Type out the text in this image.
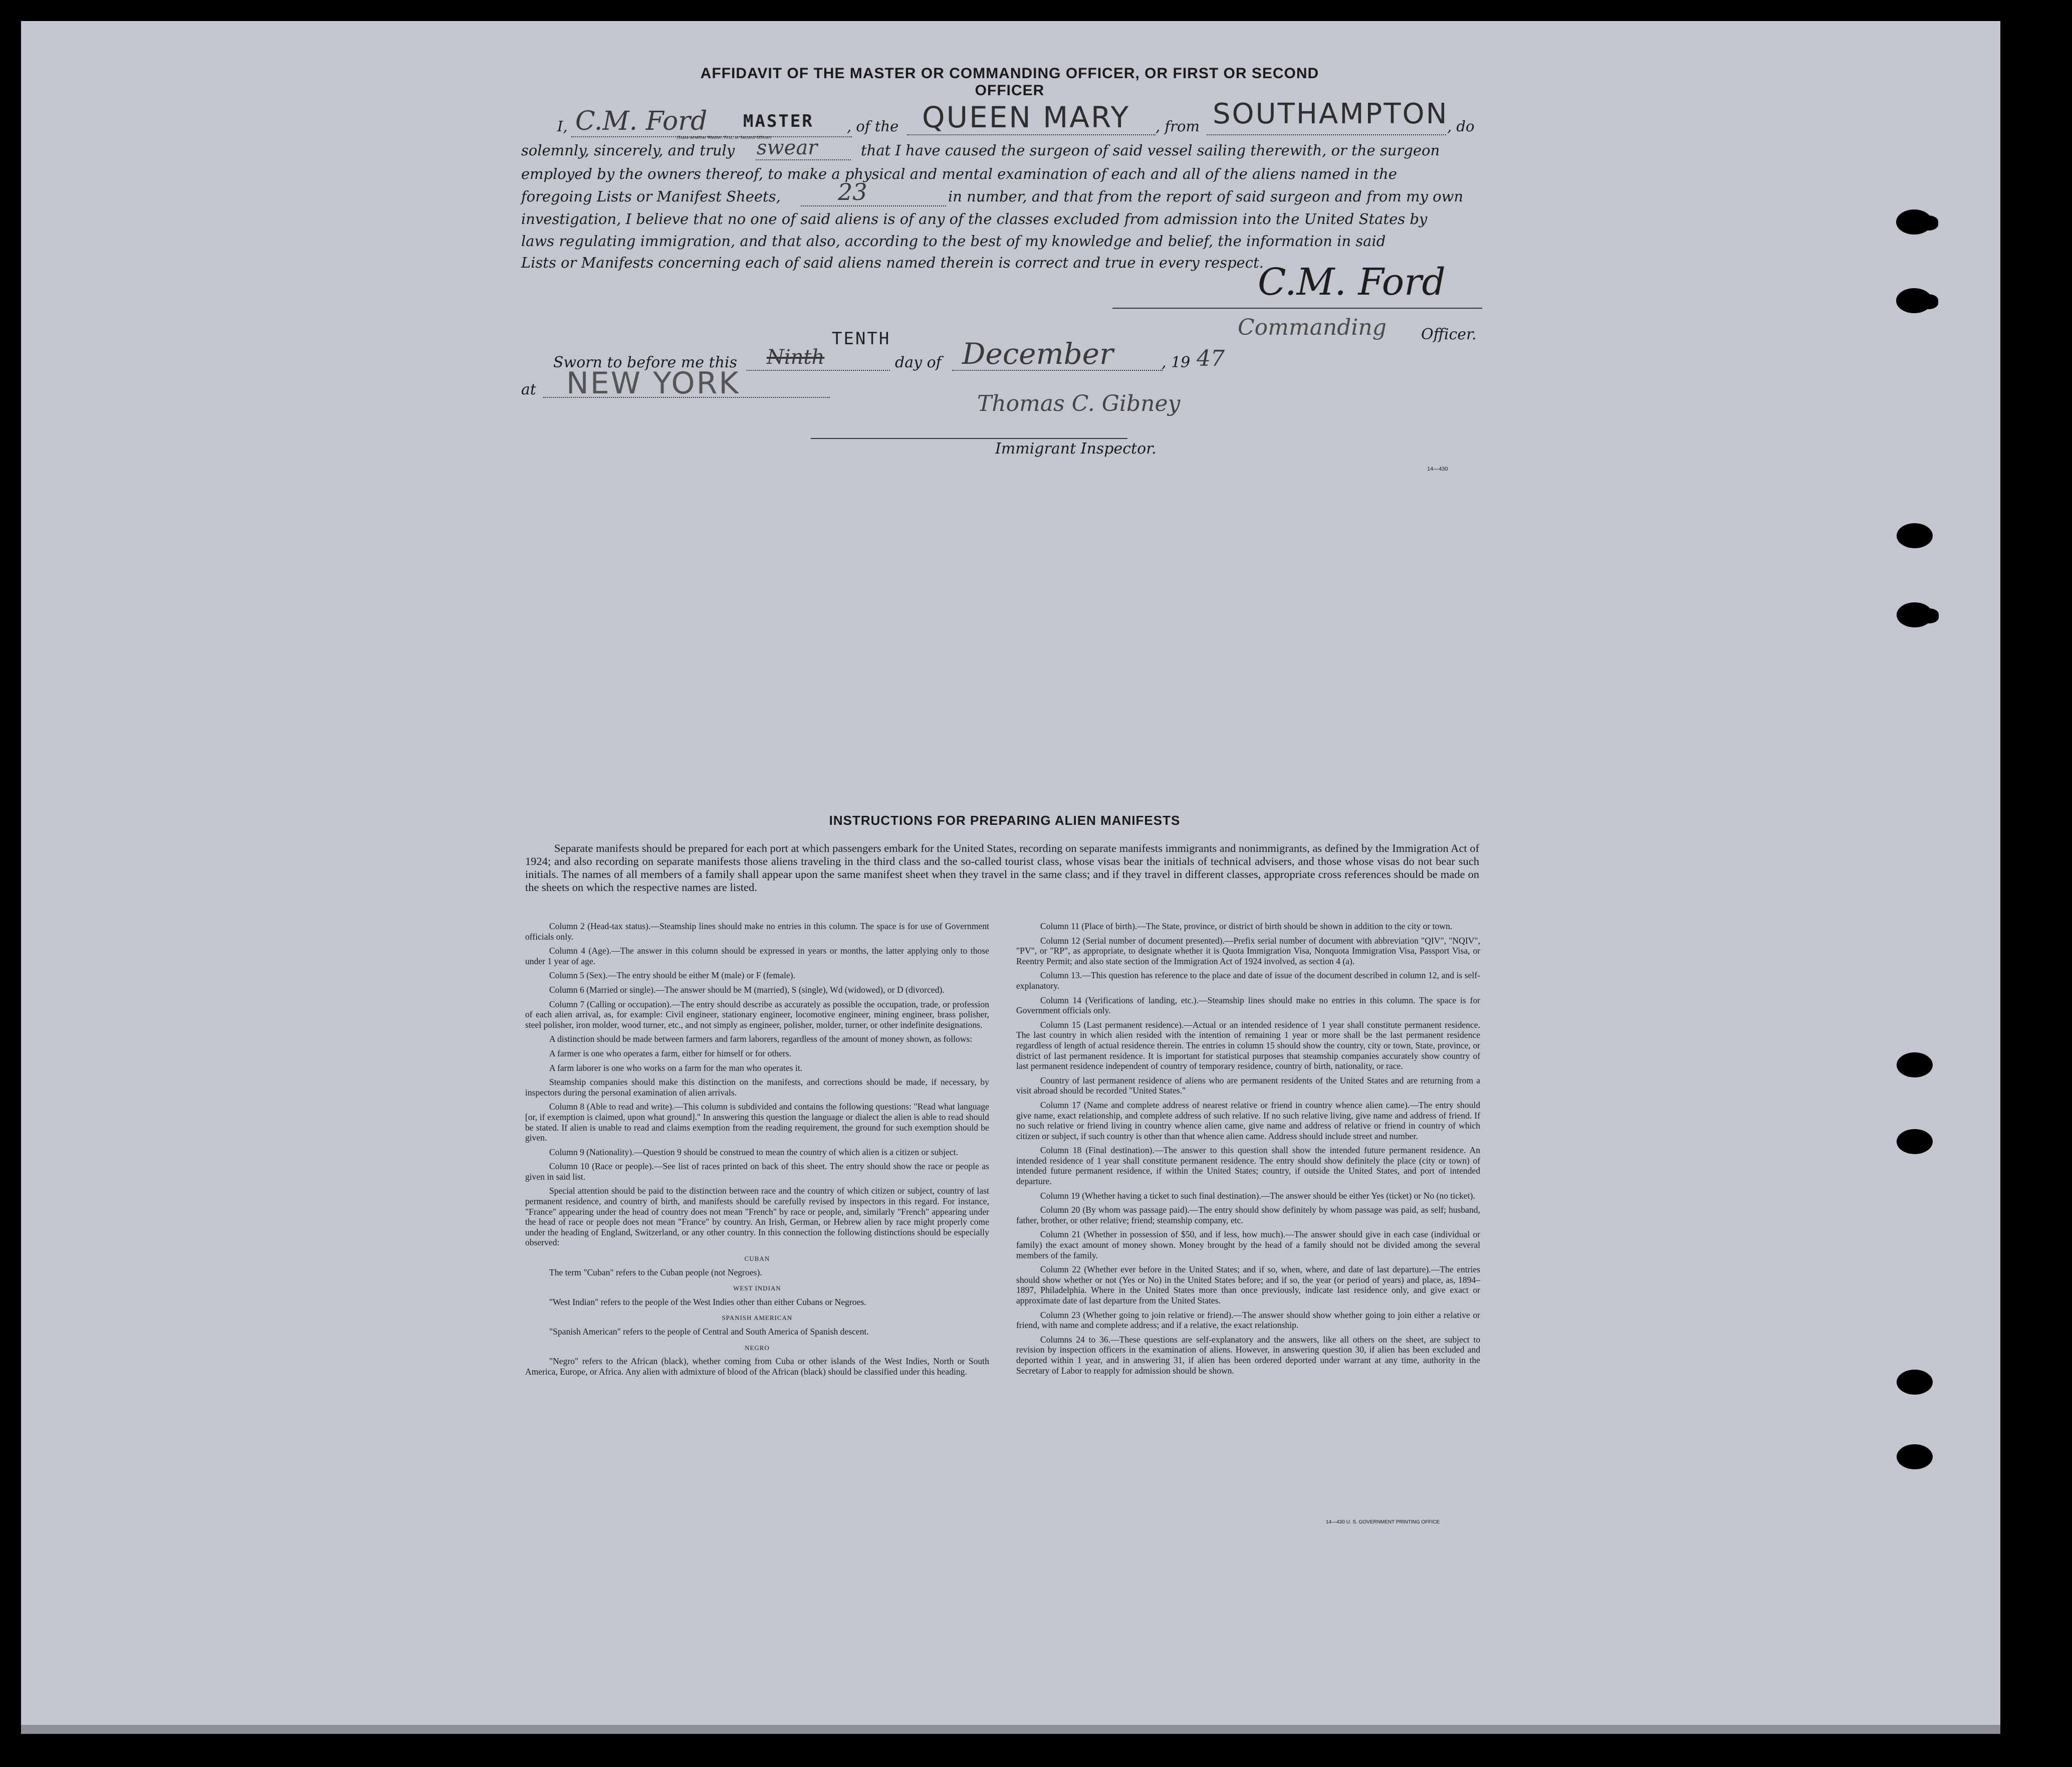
AFFIDAVIT OF THE MASTER OR COMMANDING OFFICER, OR FIRST OR SECOND OFFICER
I, C.M. Ford MASTER
(State whether Master, First, or Second Officer)
, of the QUEEN MARY , from SOUTHAMPTON
, do
solemnly, sincerely, and truly swear	that I have caused the surgeon of said vessel sailing therewith, or the surgeon
employed by the owners thereof, to make a physical and mental examination of each and all of the aliens named in the
foregoing Lists or Manifest Sheets, 23	in number, and that from the report of said surgeon and from my own
investigation, I believe that no one of said aliens is of any of the classes excluded from admission into the United States by
laws regulating immigration, and that also, according to the best of my knowledge and belief, the information in said
Lists or Manifests concerning each of said aliens named therein is correct and true in every respect.
C.M. Ford
Commanding Officer.
Sworn to before me this Ninth
TENTH
day of December	, 19 47
at NEW YORK
Thomas C. Gibney
Immigrant Inspector.
14—430
INSTRUCTIONS FOR PREPARING ALIEN MANIFESTS
Separate manifests should be prepared for each port at which passengers embark for the United States, recording on separate manifests immigrants and nonimmigrants, as defined by the Immigration Act of 1924; and also recording on separate manifests those aliens traveling in the third class and the so-called tourist class, whose visas bear the initials of technical advisers, and those whose visas do not bear such initials. The names of all members of a family shall appear upon the same manifest sheet when they travel in the same class; and if they travel in different classes, appropriate cross references should be made on the sheets on which the respective names are listed.

Column 2 (Head-tax status).—Steamship lines should make no entries in this column. The space is for use of Government officials only.

Column 4 (Age).—The answer in this column should be expressed in years or months, the latter applying only to those under 1 year of age.

Column 5 (Sex).—The entry should be either M (male) or F (female).

Column 6 (Married or single).—The answer should be M (married), S (single), Wd (widowed), or D (divorced).

Column 7 (Calling or occupation).—The entry should describe as accurately as possible the occupation, trade, or profession of each alien arrival, as, for example: Civil engineer, stationary engineer, locomotive engineer, mining engineer, brass polisher, steel polisher, iron molder, wood turner, etc., and not simply as engineer, polisher, molder, turner, or other indefinite designations.

A distinction should be made between farmers and farm laborers, regardless of the amount of money shown, as follows:

A farmer is one who operates a farm, either for himself or for others.

A farm laborer is one who works on a farm for the man who operates it.

Steamship companies should make this distinction on the manifests, and corrections should be made, if necessary, by inspectors during the personal examination of alien arrivals.

Column 8 (Able to read and write).—This column is subdivided and contains the following questions: "Read what language [or, if exemption is claimed, upon what ground]." In answering this question the language or dialect the alien is able to read should be stated. If alien is unable to read and claims exemption from the reading requirement, the ground for such exemption should be given.

Column 9 (Nationality).—Question 9 should be construed to mean the country of which alien is a citizen or subject.

Column 10 (Race or people).—See list of races printed on back of this sheet. The entry should show the race or people as given in said list.

Special attention should be paid to the distinction between race and the country of which citizen or subject, country of last permanent residence, and country of birth, and manifests should be carefully revised by inspectors in this regard. For instance, "France" appearing under the head of country does not mean "French" by race or people, and, similarly "French" appearing under the head of race or people does not mean "France" by country. An Irish, German, or Hebrew alien by race might properly come under the heading of England, Switzerland, or any other country. In this connection the following distinctions should be especially observed:

CUBAN

The term "Cuban" refers to the Cuban people (not Negroes).

WEST INDIAN

"West Indian" refers to the people of the West Indies other than either Cubans or Negroes.

SPANISH AMERICAN

"Spanish American" refers to the people of Central and South America of Spanish descent.

NEGRO

"Negro" refers to the African (black), whether coming from Cuba or other islands of the West Indies, North or South America, Europe, or Africa. Any alien with admixture of blood of the African (black) should be classified under this heading.

Column 11 (Place of birth).—The State, province, or district of birth should be shown in addition to the city or town.

Column 12 (Serial number of document presented).—Prefix serial number of document with abbreviation "QIV", "NQIV", "PV", or "RP", as appropriate, to designate whether it is Quota Immigration Visa, Nonquota Immigration Visa, Passport Visa, or Reentry Permit; and also state section of the Immigration Act of 1924 involved, as section 4 (a).

Column 13.—This question has reference to the place and date of issue of the document described in column 12, and is self-explanatory.

Column 14 (Verifications of landing, etc.).—Steamship lines should make no entries in this column. The space is for Government officials only.

Column 15 (Last permanent residence).—Actual or an intended residence of 1 year shall constitute permanent residence. The last country in which alien resided with the intention of remaining 1 year or more shall be the last permanent residence regardless of length of actual residence therein. The entries in column 15 should show the country, city or town, State, province, or district of last permanent residence. It is important for statistical purposes that steamship companies accurately show country of last permanent residence independent of country of temporary residence, country of birth, nationality, or race.

Country of last permanent residence of aliens who are permanent residents of the United States and are returning from a visit abroad should be recorded "United States."

Column 17 (Name and complete address of nearest relative or friend in country whence alien came).—The entry should give name, exact relationship, and complete address of such relative. If no such relative living, give name and address of friend. If no such relative or friend living in country whence alien came, give name and address of relative or friend in country of which citizen or subject, if such country is other than that whence alien came. Address should include street and number.

Column 18 (Final destination).—The answer to this question shall show the intended future permanent residence. An intended residence of 1 year shall constitute permanent residence. The entry should show definitely the place (city or town) of intended future permanent residence, if within the United States; country, if outside the United States, and port of intended departure.

Column 19 (Whether having a ticket to such final destination).—The answer should be either Yes (ticket) or No (no ticket).

Column 20 (By whom was passage paid).—The entry should show definitely by whom passage was paid, as self; husband, father, brother, or other relative; friend; steamship company, etc.

Column 21 (Whether in possession of $50, and if less, how much).—The answer should give in each case (individual or family) the exact amount of money shown. Money brought by the head of a family should not be divided among the several members of the family.

Column 22 (Whether ever before in the United States; and if so, when, where, and date of last departure).—The entries should show whether or not (Yes or No) in the United States before; and if so, the year (or period of years) and place, as, 1894–1897, Philadelphia. Where in the United States more than once previously, indicate last residence only, and give exact or approximate date of last departure from the United States.

Column 23 (Whether going to join relative or friend).—The answer should show whether going to join either a relative or friend, with name and complete address; and if a relative, the exact relationship.

Columns 24 to 36.—These questions are self-explanatory and the answers, like all others on the sheet, are subject to revision by inspection officers in the examination of aliens. However, in answering question 30, if alien has been excluded and deported within 1 year, and in answering 31, if alien has been ordered deported under warrant at any time, authority in the Secretary of Labor to reapply for admission should be shown.

14—430 U. S. GOVERNMENT PRINTING OFFICE
